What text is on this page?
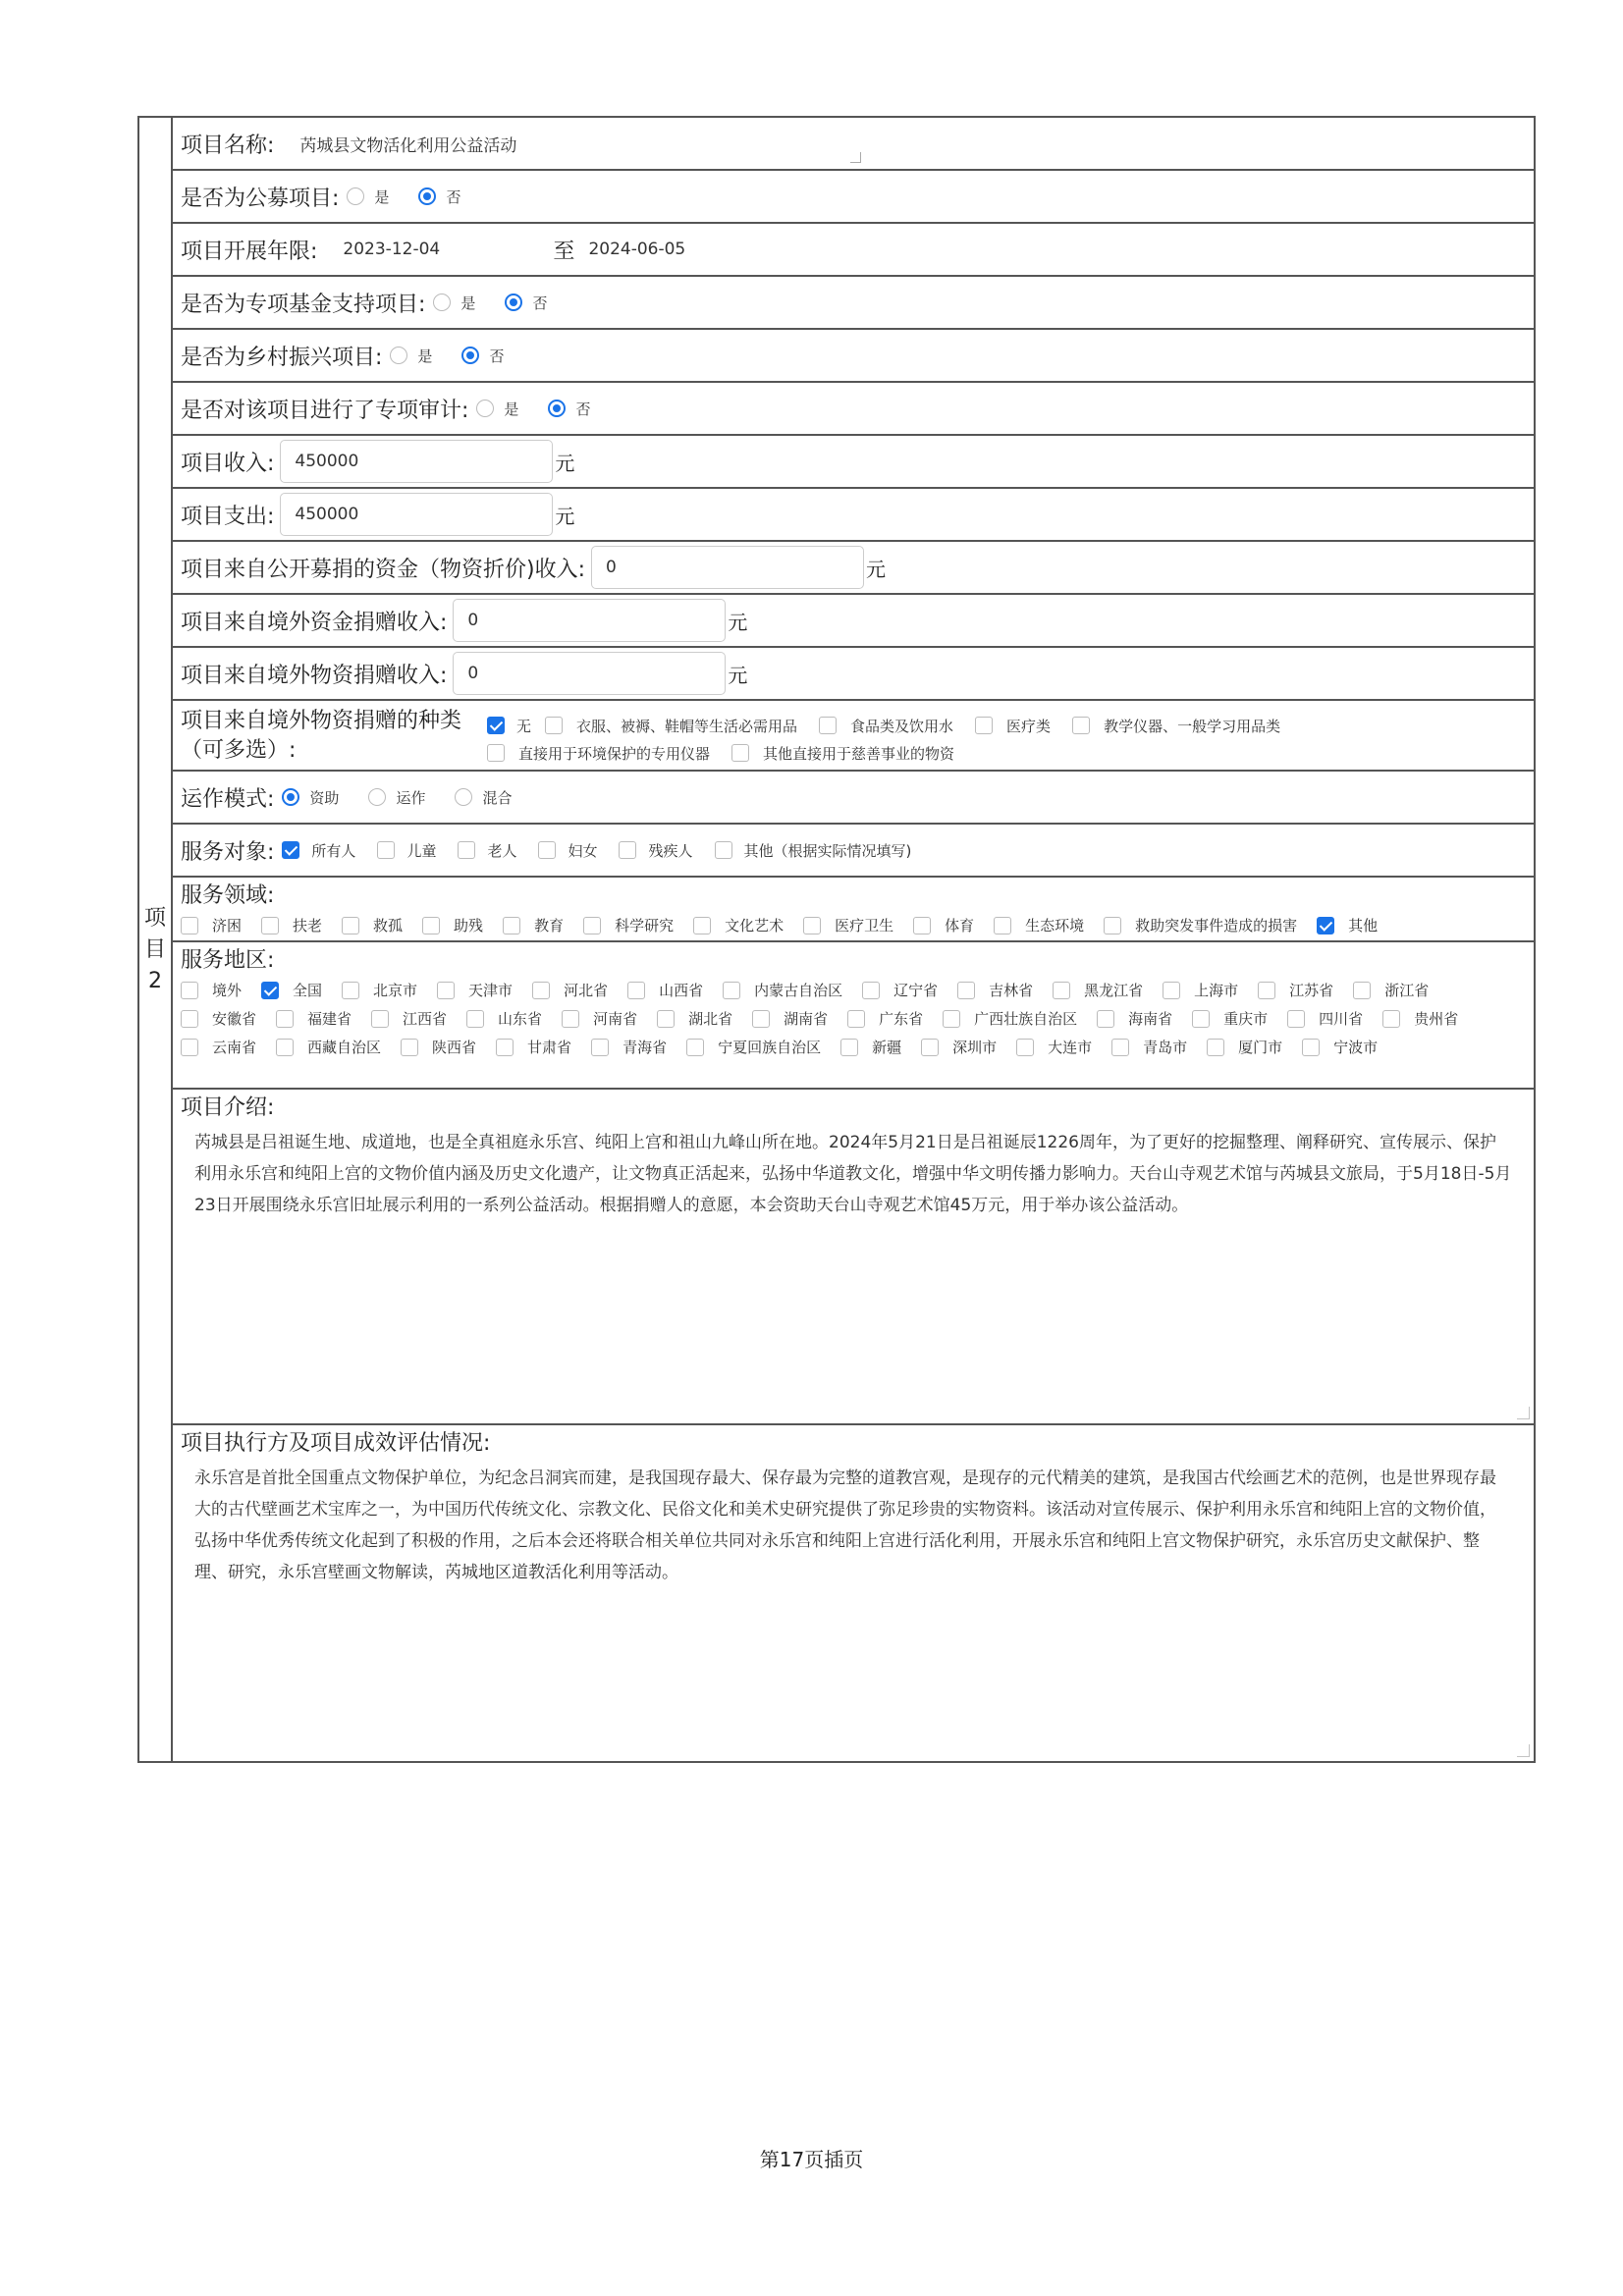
项
目
2
项目名称: 芮城县文物活化利用公益活动
是否为公募项目: 是	否
项目开展年限: 2023-12-04	至 2024-06-05
是否为专项基金支持项目: 是	否
是否为乡村振兴项目: 是	否
是否对该项目进行了专项审计: 是	否
项目收入:	450000	元
项目支出:	450000	元
项目来自公开募捐的资金（物资折价)收入:	0	元
项目来自境外资金捐赠收入:	0	元
项目来自境外物资捐赠收入:	0	元
项目来自境外物资捐赠的种类
（可多选）:
无	衣服、被褥、鞋帽等生活必需用品	食品类及饮用水	医疗类	教学仪器、一般学习用品类
直接用于环境保护的专用仪器	其他直接用于慈善事业的物资
运作模式: 资助	运作	混合
服务对象:	所有人	儿童	老人	妇女	残疾人	其他（根据实际情况填写)
服务领域:
济困	扶老	救孤	助残	教育	科学研究	文化艺术	医疗卫生	体育	生态环境	救助突发事件造成的损害	其他
服务地区:
境外	全国	北京市	天津市	河北省	山西省	内蒙古自治区	辽宁省	吉林省	黑龙江省	上海市	江苏省	浙江省
安徽省	福建省	江西省	山东省	河南省	湖北省	湖南省	广东省	广西壮族自治区	海南省	重庆市	四川省	贵州省
云南省	西藏自治区	陕西省	甘肃省	青海省	宁夏回族自治区	新疆	深圳市	大连市	青岛市	厦门市	宁波市
项目介绍:
芮城县是吕祖诞生地、成道地，也是全真祖庭永乐宫、纯阳上宫和祖山九峰山所在地。2024年5月21日是吕祖诞辰1226周年，为了更好的挖掘整理、阐释研究、宣传展示、保护利用永乐宫和纯阳上宫的文物价值内涵及历史文化遗产，让文物真正活起来，弘扬中华道教文化，增强中华文明传播力影响力。天台山寺观艺术馆与芮城县文旅局，于5月18日-5月23日开展围绕永乐宫旧址展示利用的一系列公益活动。根据捐赠人的意愿，本会资助天台山寺观艺术馆45万元，用于举办该公益活动。
项目执行方及项目成效评估情况:
永乐宫是首批全国重点文物保护单位，为纪念吕洞宾而建，是我国现存最大、保存最为完整的道教宫观，是现存的元代精美的建筑，是我国古代绘画艺术的范例，也是世界现存最大的古代壁画艺术宝库之一，为中国历代传统文化、宗教文化、民俗文化和美术史研究提供了弥足珍贵的实物资料。该活动对宣传展示、保护利用永乐宫和纯阳上宫的文物价值，弘扬中华优秀传统文化起到了积极的作用，之后本会还将联合相关单位共同对永乐宫和纯阳上宫进行活化利用，开展永乐宫和纯阳上宫文物保护研究，永乐宫历史文献保护、整理、研究，永乐宫壁画文物解读，芮城地区道教活化利用等活动。
第17页插页
